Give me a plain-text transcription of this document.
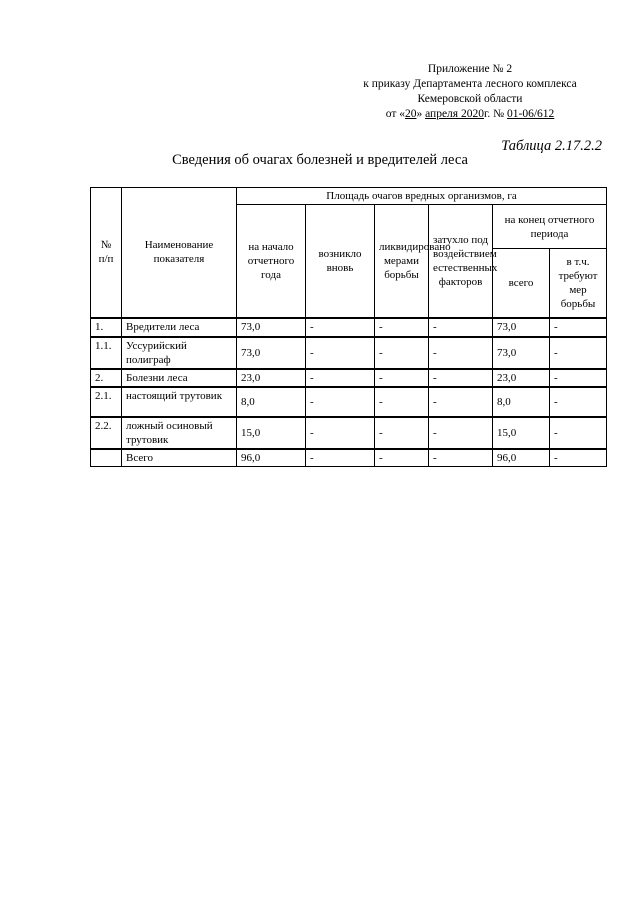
Приложение № 2
к приказу Департамента лесного комплекса
Кемеровской области
от «20» апреля 2020г. № 01-06/612
Таблица 2.17.2.2
Сведения об очагах болезней и вредителей леса
№ п/п	Наименование показателя	Площадь очагов вредных организмов, га					
		на начало отчетного года	возникло вновь	ликвидировано мерами борьбы	затухло под воздействием естественных факторов	на конец отчетного периода	
						всего	в т.ч. требуют мер борьбы
1.	Вредители леса	73,0	-	-	-	73,0	-
1.1.	Уссурийский полиграф	73,0	-	-	-	73,0	-
2.	Болезни леса	23,0	-	-	-	23,0	-
2.1.	настоящий трутовик	8,0	-	-	-	8,0	-
2.2.	ложный осиновый трутовик	15,0	-	-	-	15,0	-
	Всего	96,0	-	-	-	96,0	-
